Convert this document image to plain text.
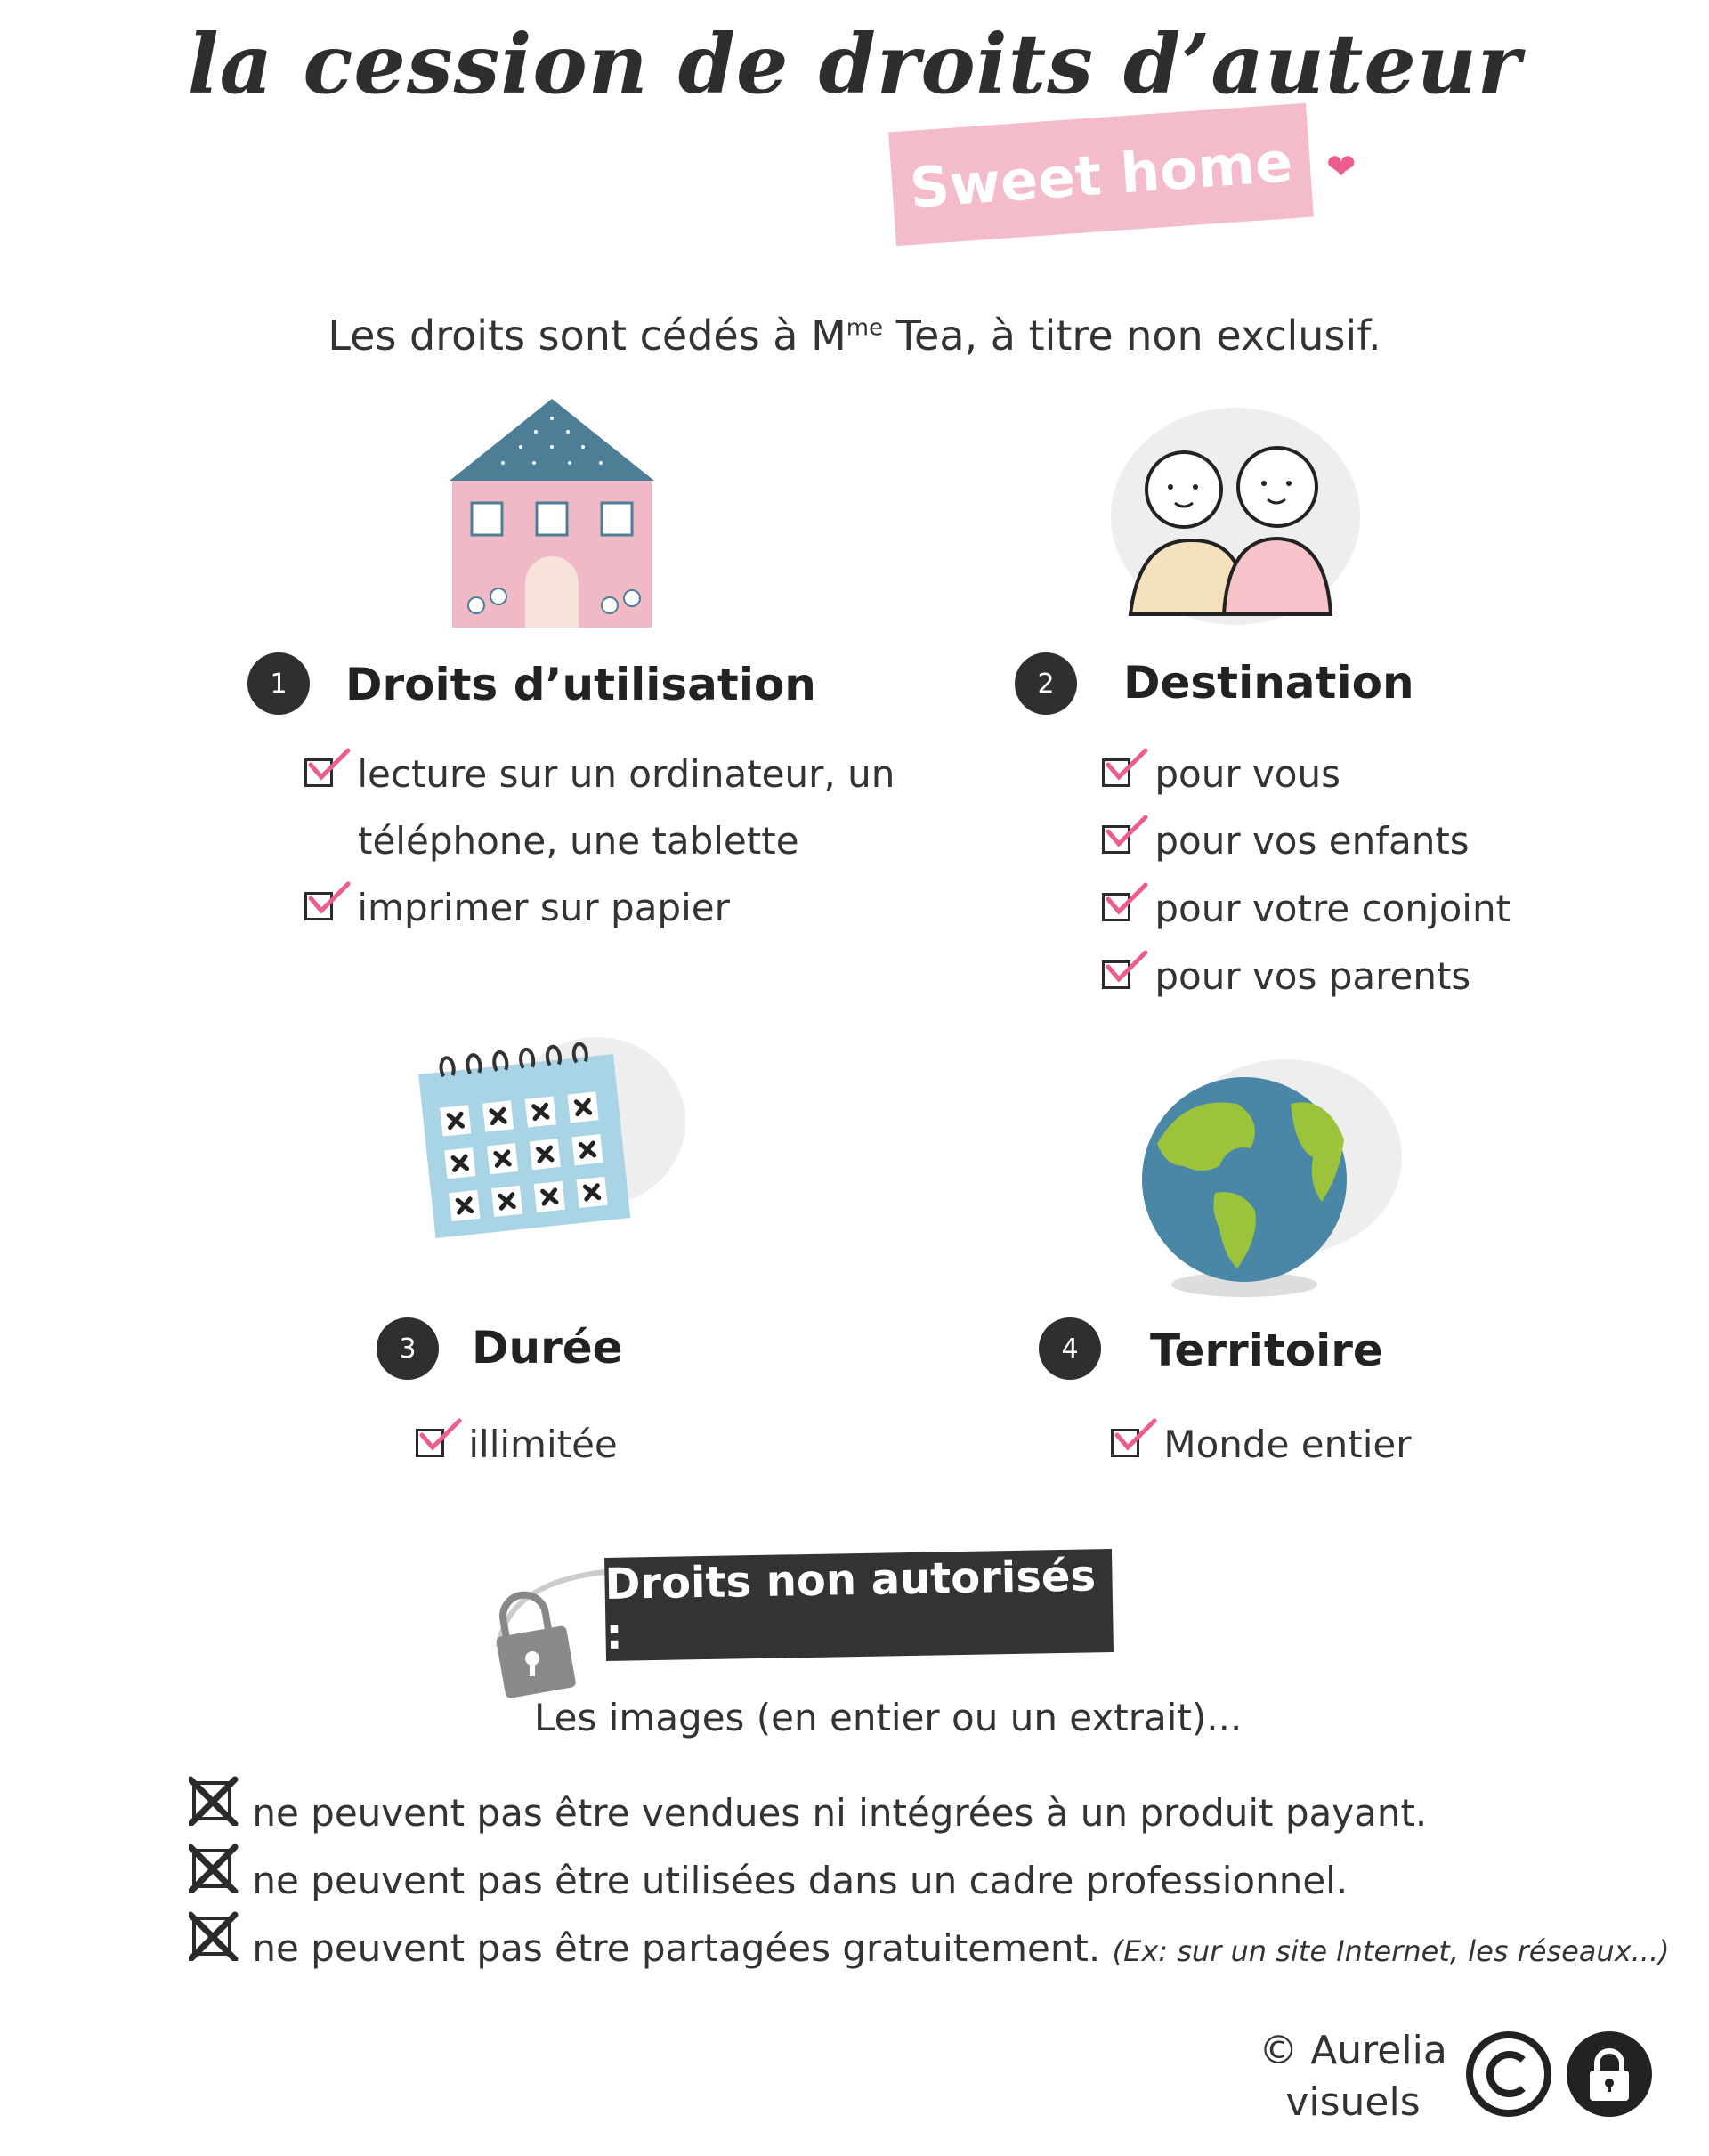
la cession de droits d’auteur
Sweet home ❤
Les droits sont cédés à $M^{me}$ Tea, à titre non exclusif.
1	Droits d’utilisation
lecture sur un ordinateur, un
téléphone, une tablette
imprimer sur papier
2	Destination
pour vous
pour vos enfants
pour votre conjoint
pour vos parents
3	Durée
illimitée
4	Territoire
Monde entier
Droits non autorisés :
Les images (en entier ou un extrait)...
ne peuvent pas être vendues ni intégrées à un produit payant.
ne peuvent pas être utilisées dans un cadre professionnel.
ne peuvent pas être partagées gratuitement. (Ex: sur un site Internet, les réseaux...)
© Aurelia
visuels
